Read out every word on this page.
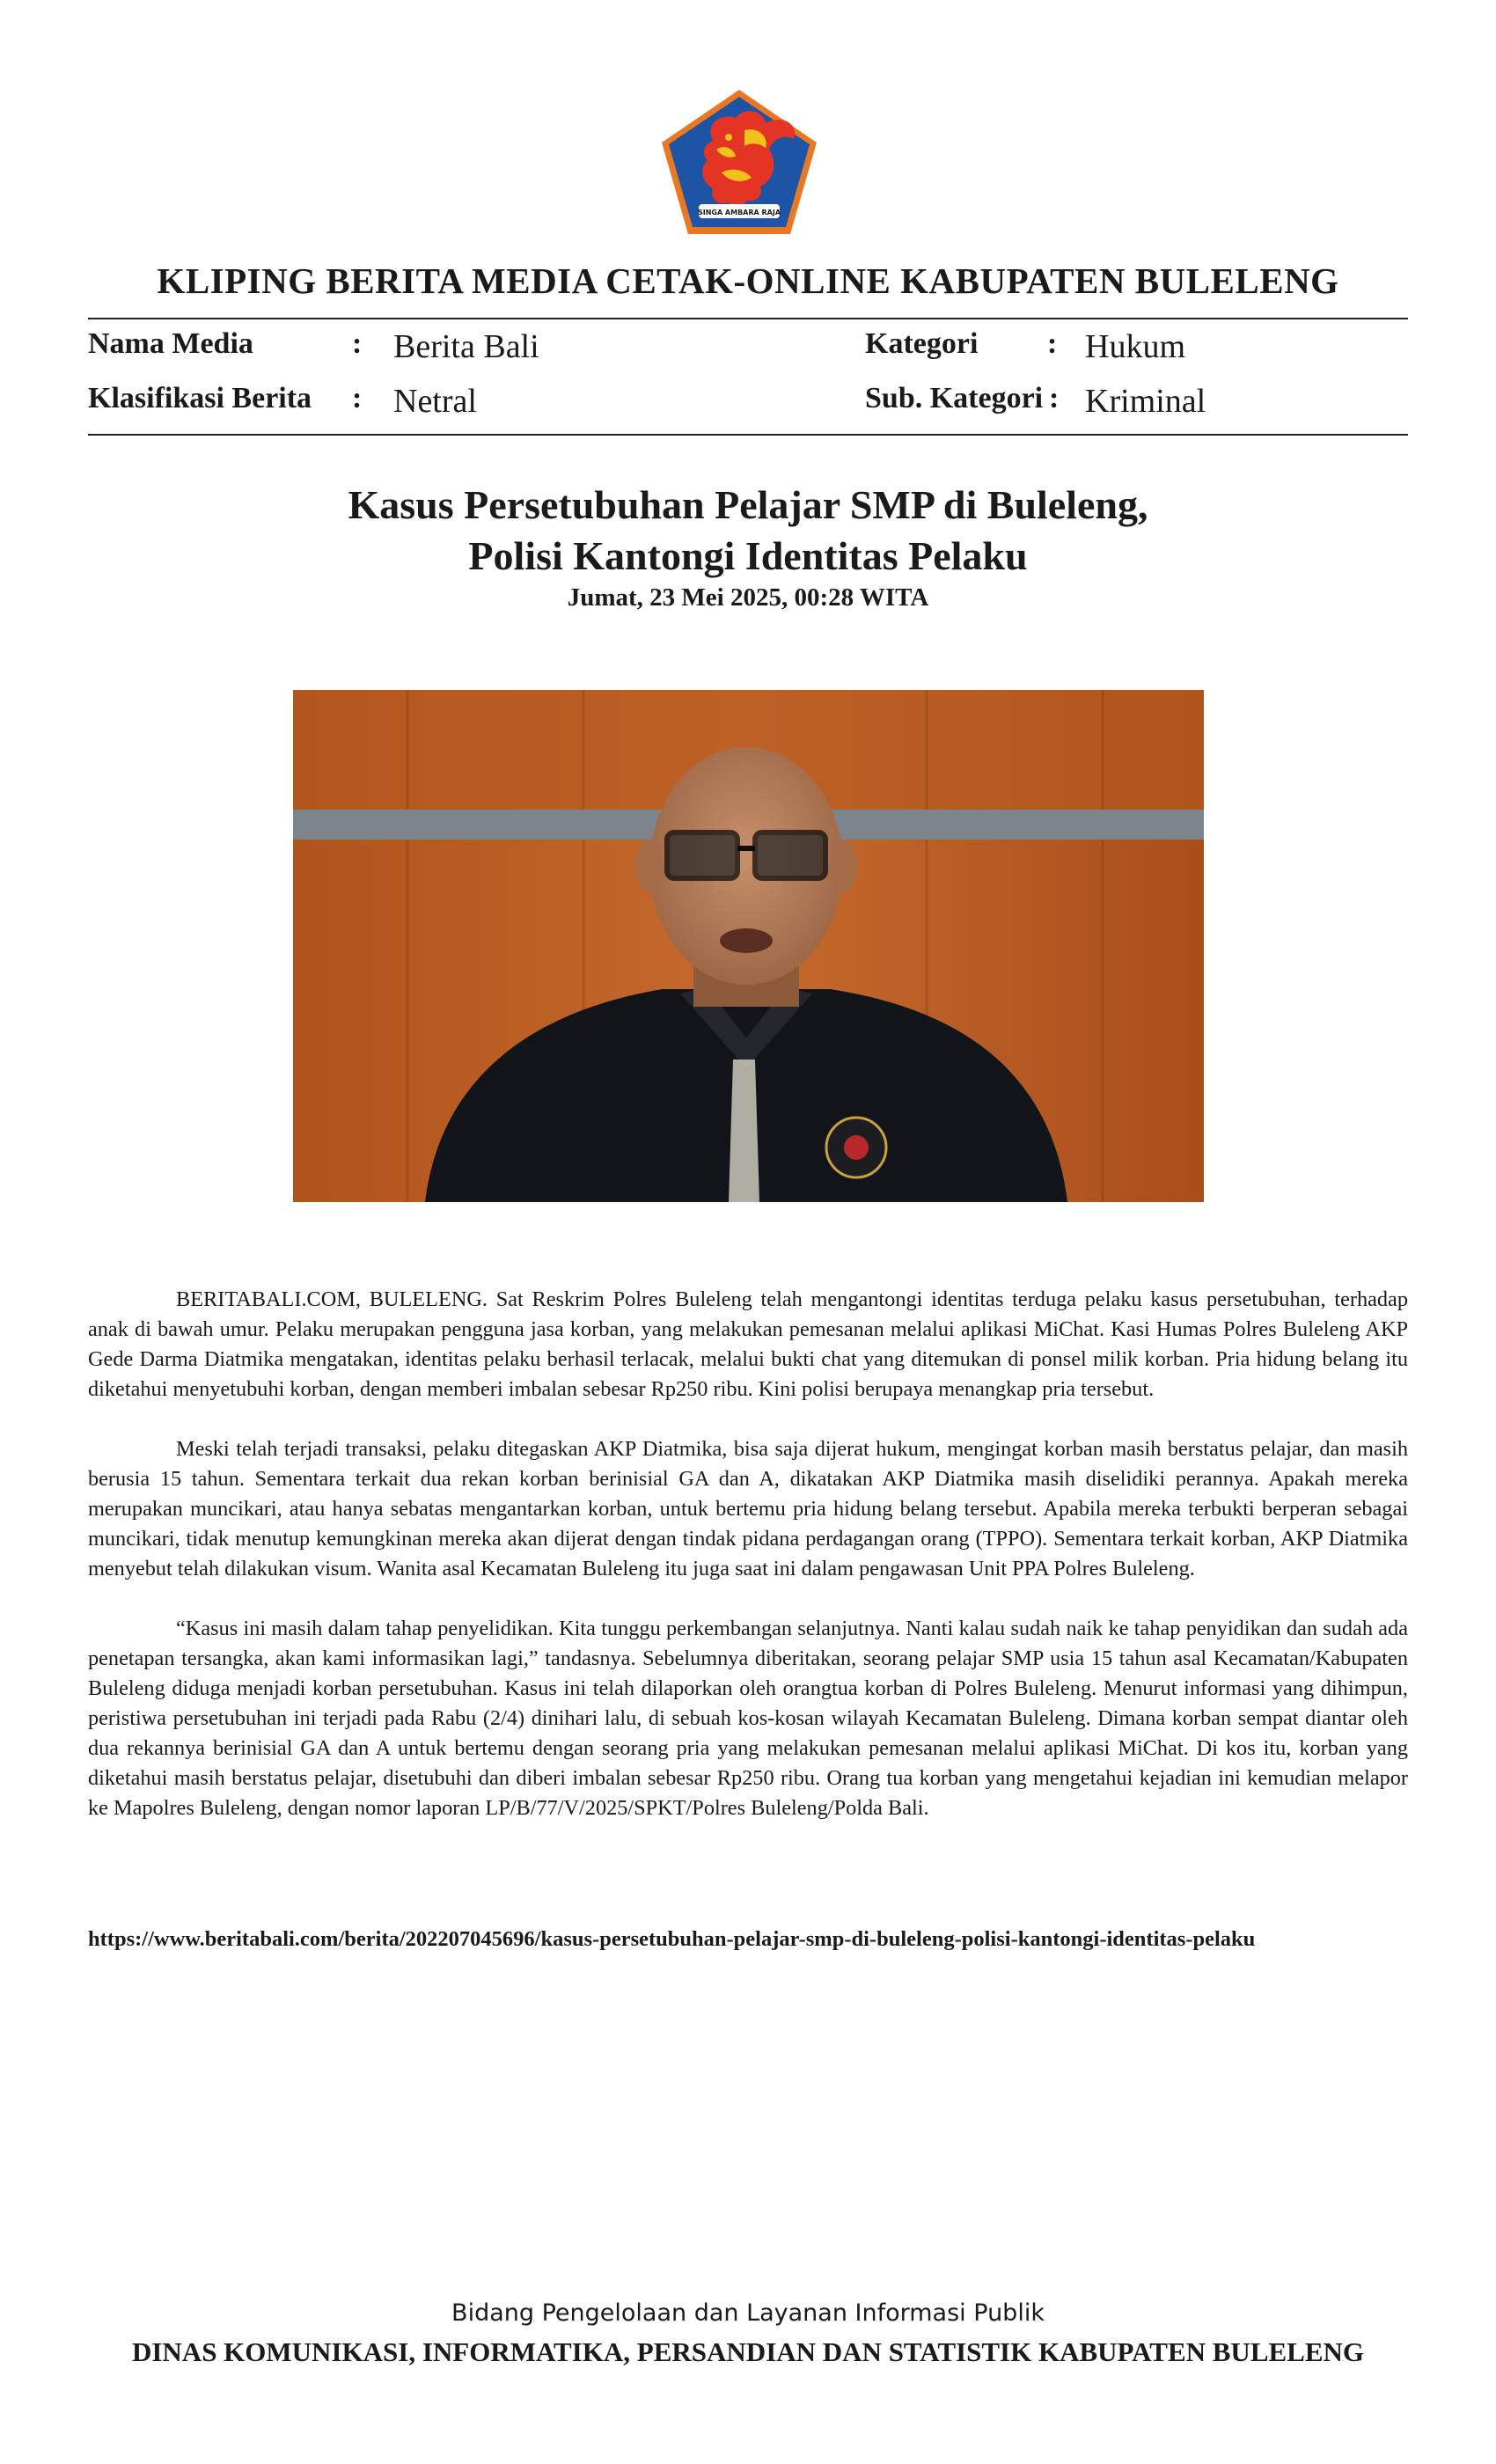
SINGA AMBARA RAJA
KLIPING BERITA MEDIA CETAK-ONLINE KABUPATEN BULELENG
Nama Media	: Berita Bali
Klasifikasi Berita : Netral
Kategori : Hukum
Sub. Kategori : Kriminal
Kasus Persetubuhan Pelajar SMP di Buleleng,
Polisi Kantongi Identitas Pelaku
Jumat, 23 Mei 2025, 00:28 WITA

BERITABALI.COM, BULELENG. Sat Reskrim Polres Buleleng telah mengantongi identitas terduga pelaku kasus persetubuhan, terhadap anak di bawah umur. Pelaku merupakan pengguna jasa korban, yang melakukan pemesanan melalui aplikasi MiChat. Kasi Humas Polres Buleleng AKP Gede Darma Diatmika mengatakan, identitas pelaku berhasil terlacak, melalui bukti chat yang ditemukan di ponsel milik korban. Pria hidung belang itu diketahui menyetubuhi korban, dengan memberi imbalan sebesar Rp250 ribu. Kini polisi berupaya menangkap pria tersebut.

Meski telah terjadi transaksi, pelaku ditegaskan AKP Diatmika, bisa saja dijerat hukum, mengingat korban masih berstatus pelajar, dan masih berusia 15 tahun. Sementara terkait dua rekan korban berinisial GA dan A, dikatakan AKP Diatmika masih diselidiki perannya. Apakah mereka merupakan muncikari, atau hanya sebatas mengantarkan korban, untuk bertemu pria hidung belang tersebut. Apabila mereka terbukti berperan sebagai muncikari, tidak menutup kemungkinan mereka akan dijerat dengan tindak pidana perdagangan orang (TPPO). Sementara terkait korban, AKP Diatmika menyebut telah dilakukan visum. Wanita asal Kecamatan Buleleng itu juga saat ini dalam pengawasan Unit PPA Polres Buleleng.

“Kasus ini masih dalam tahap penyelidikan. Kita tunggu perkembangan selanjutnya. Nanti kalau sudah naik ke tahap penyidikan dan sudah ada penetapan tersangka, akan kami informasikan lagi,” tandasnya. Sebelumnya diberitakan, seorang pelajar SMP usia 15 tahun asal Kecamatan/Kabupaten Buleleng diduga menjadi korban persetubuhan. Kasus ini telah dilaporkan oleh orangtua korban di Polres Buleleng. Menurut informasi yang dihimpun, peristiwa persetubuhan ini terjadi pada Rabu (2/4) dinihari lalu, di sebuah kos-kosan wilayah Kecamatan Buleleng. Dimana korban sempat diantar oleh dua rekannya berinisial GA dan A untuk bertemu dengan seorang pria yang melakukan pemesanan melalui aplikasi MiChat. Di kos itu, korban yang diketahui masih berstatus pelajar, disetubuhi dan diberi imbalan sebesar Rp250 ribu. Orang tua korban yang mengetahui kejadian ini kemudian melapor ke Mapolres Buleleng, dengan nomor laporan LP/B/77/V/2025/SPKT/Polres Buleleng/Polda Bali.

https://www.beritabali.com/berita/202207045696/kasus-persetubuhan-pelajar-smp-di-buleleng-polisi-kantongi-identitas-pelaku
Bidang Pengelolaan dan Layanan Informasi Publik
DINAS KOMUNIKASI, INFORMATIKA, PERSANDIAN DAN STATISTIK KABUPATEN BULELENG
